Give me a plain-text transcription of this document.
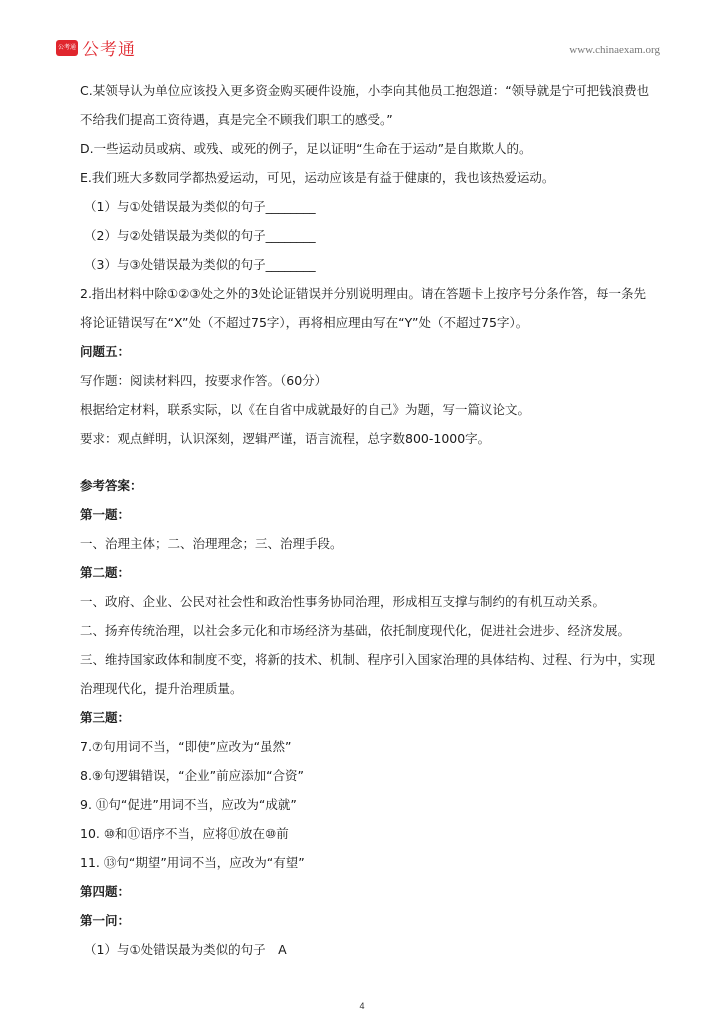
公考通 公考通	www.chinaexam.org

C.某领导认为单位应该投入更多资金购买硬件设施，小李向其他员工抱怨道：“领导就是宁可把钱浪费也

不给我们提高工资待遇，真是完全不顾我们职工的感受。”

D.一些运动员或病、或残、或死的例子，足以证明“生命在于运动”是自欺欺人的。

E.我们班大多数同学都热爱运动，可见，运动应该是有益于健康的，我也该热爱运动。

（1）与①处错误最为类似的句子________

（2）与②处错误最为类似的句子________

（3）与③处错误最为类似的句子________

2.指出材料中除①②③处之外的3处论证错误并分别说明理由。请在答题卡上按序号分条作答，每一条先

将论证错误写在“X”处（不超过75字），再将相应理由写在“Y”处（不超过75字）。

问题五：

写作题：阅读材料四，按要求作答。（60分）

根据给定材料，联系实际，以《在自省中成就最好的自己》为题，写一篇议论文。

要求：观点鲜明，认识深刻，逻辑严谨，语言流程，总字数800-1000字。

参考答案：

第一题：

一、治理主体；二、治理理念；三、治理手段。

第二题：

一、政府、企业、公民对社会性和政治性事务协同治理，形成相互支撑与制约的有机互动关系。

二、扬弃传统治理，以社会多元化和市场经济为基础，依托制度现代化，促进社会进步、经济发展。

三、维持国家政体和制度不变，将新的技术、机制、程序引入国家治理的具体结构、过程、行为中，实现

治理现代化，提升治理质量。

第三题：

7.⑦句用词不当，“即使”应改为“虽然”

8.⑨句逻辑错误，“企业”前应添加“合资”

9. ⑪句“促进”用词不当，应改为“成就”

10. ⑩和⑪语序不当，应将⑪放在⑩前

11. ⑬句“期望”用词不当，应改为“有望”

第四题：

第一问：

（1）与①处错误最为类似的句子　A

4
